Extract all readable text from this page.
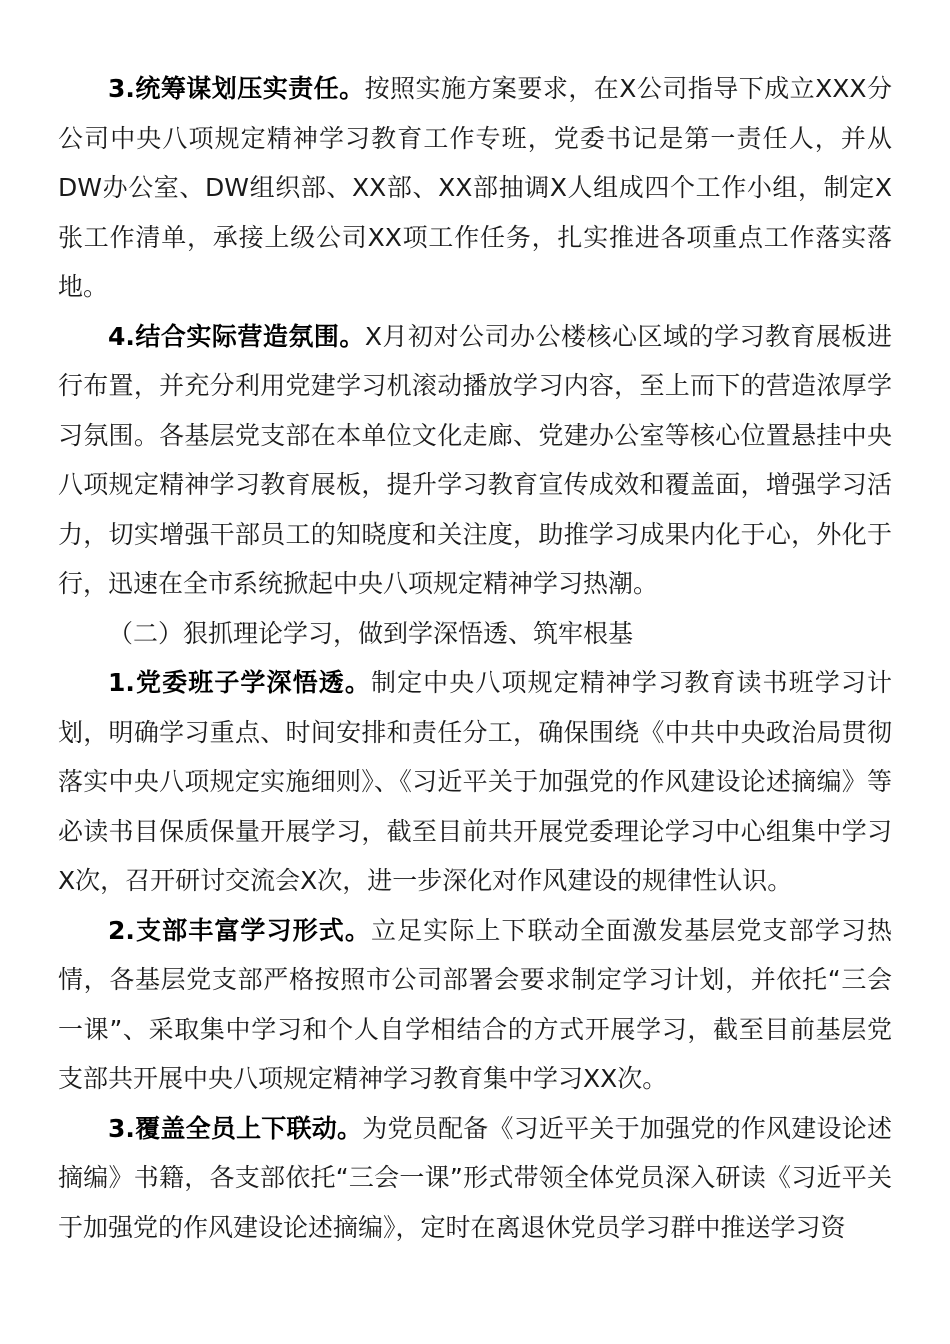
3.统筹谋划压实责任。按照实施方案要求，在X公司指导下成立XXX分公司中央八项规定精神学习教育工作专班，党委书记是第一责任人，并从DW办公室、DW组织部、XX部、XX部抽调X人组成四个工作小组，制定X张工作清单，承接上级公司XX项工作任务，扎实推进各项重点工作落实落地。

4.结合实际营造氛围。X月初对公司办公楼核心区域的学习教育展板进行布置，并充分利用党建学习机滚动播放学习内容，至上而下的营造浓厚学习氛围。各基层党支部在本单位文化走廊、党建办公室等核心位置悬挂中央八项规定精神学习教育展板，提升学习教育宣传成效和覆盖面，增强学习活力，切实增强干部员工的知晓度和关注度，助推学习成果内化于心，外化于行，迅速在全市系统掀起中央八项规定精神学习热潮。

（二）狠抓理论学习，做到学深悟透、筑牢根基

1.党委班子学深悟透。制定中央八项规定精神学习教育读书班学习计划，明确学习重点、时间安排和责任分工，确保围绕《中共中央政治局贯彻落实中央八项规定实施细则》、《习近平关于加强党的作风建设论述摘编》等必读书目保质保量开展学习，截至目前共开展党委理论学习中心组集中学习X次，召开研讨交流会X次，进一步深化对作风建设的规律性认识。

2.支部丰富学习形式。立足实际上下联动全面激发基层党支部学习热情，各基层党支部严格按照市公司部署会要求制定学习计划，并依托“三会一课”、采取集中学习和个人自学相结合的方式开展学习，截至目前基层党支部共开展中央八项规定精神学习教育集中学习XX次。

3.覆盖全员上下联动。为党员配备《习近平关于加强党的作风建设论述摘编》书籍，各支部依托“三会一课”形式带领全体党员深入研读《习近平关于加强党的作风建设论述摘编》，定时在离退休党员学习群中推送学习资
